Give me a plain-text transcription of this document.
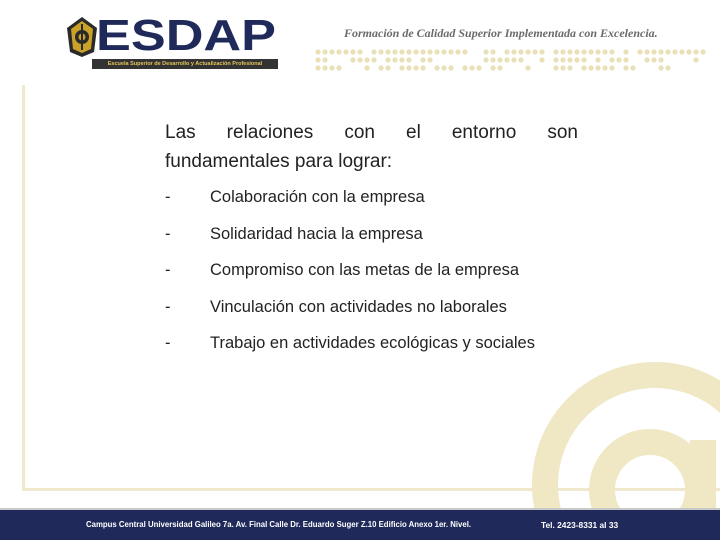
ESDAP
Escuela Superior de Desarrollo y Actualización Profesional
Formación de Calidad Superior Implementada con Excelencia.

Las relaciones con el entorno son fundamentales para lograr:

- Colaboración con la empresa
- Solidaridad hacia la empresa
- Compromiso con las metas de la empresa
- Vinculación con actividades no laborales
- Trabajo en actividades ecológicas y sociales
Campus Central Universidad Galileo 7a. Av. Final Calle Dr. Eduardo Suger Z.10 Edificio Anexo 1er. Nivel.	Tel. 2423-8331 al 33
